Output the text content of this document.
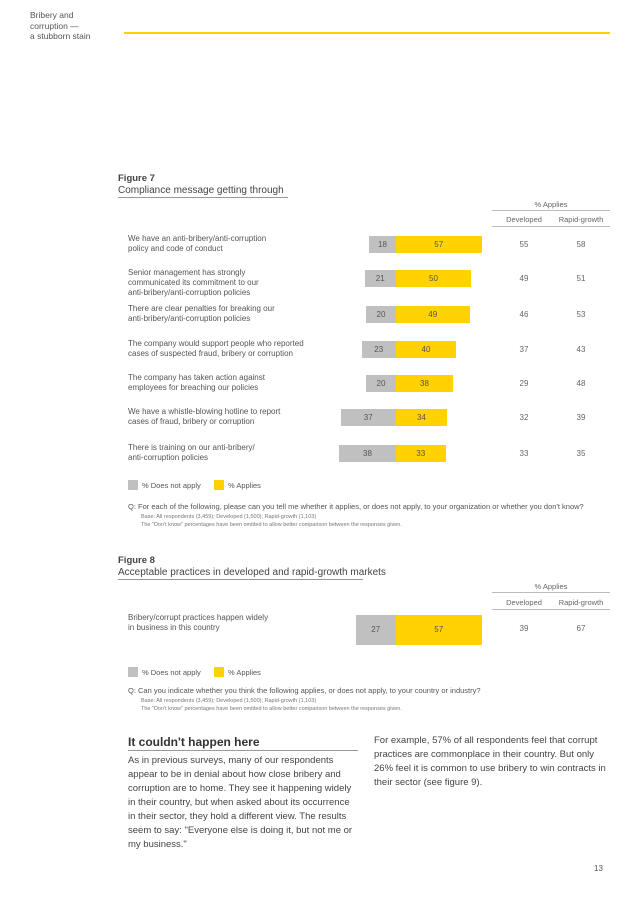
Bribery and
corruption —
a stubborn stain
Figure 7
Compliance message getting through
% Applies
Developed	Rapid-growth
We have an anti-bribery/anti-corruption
policy and code of conduct	18	57	55	58
Senior management has strongly
communicated its commitment to our
anti-bribery/anti-corruption policies
21	50	49	51
There are clear penalties for breaking our
anti-bribery/anti-corruption policies	20	49	46	53
The company would support people who reported
cases of suspected fraud, bribery or corruption	23	40	37	43
The company has taken action against
employees for breaching our policies	20	38	29	48
We have a whistle-blowing hotline to report
cases of fraud, bribery or corruption	37	34	32	39
There is training on our anti-bribery/
anti-corruption policies	38	33	33	35
% Does not apply	% Applies
Q: For each of the following, please can you tell me whether it applies, or does not apply, to your organization or whether you don't know?
Base: All respondents (3,459); Developed (1,500); Rapid-growth (1,103)
The "Don't know" percentages have been omitted to allow better comparison between the responses given.
Figure 8
Acceptable practices in developed and rapid-growth markets
% Applies
Developed	Rapid-growth
Bribery/corrupt practices happen widely
in business in this country	27	57	39	67
% Does not apply	% Applies
Q: Can you indicate whether you think the following applies, or does not apply, to your country or industry?
Base: All respondents (3,459); Developed (1,500); Rapid-growth (1,103)
The "Don't know" percentages have been omitted to allow better comparison between the responses given.
It couldn't happen here
As in previous surveys, many of our respondents appear to be in denial about how close bribery and corruption are to home. They see it happening widely in their country, but when asked about its occurrence in their sector, they hold a different view. The results seem to say: "Everyone else is doing it, but not me or my business."
For example, 57% of all respondents feel that corrupt practices are commonplace in their country. But only 26% feel it is common to use bribery to win contracts in their sector (see figure 9).
13
